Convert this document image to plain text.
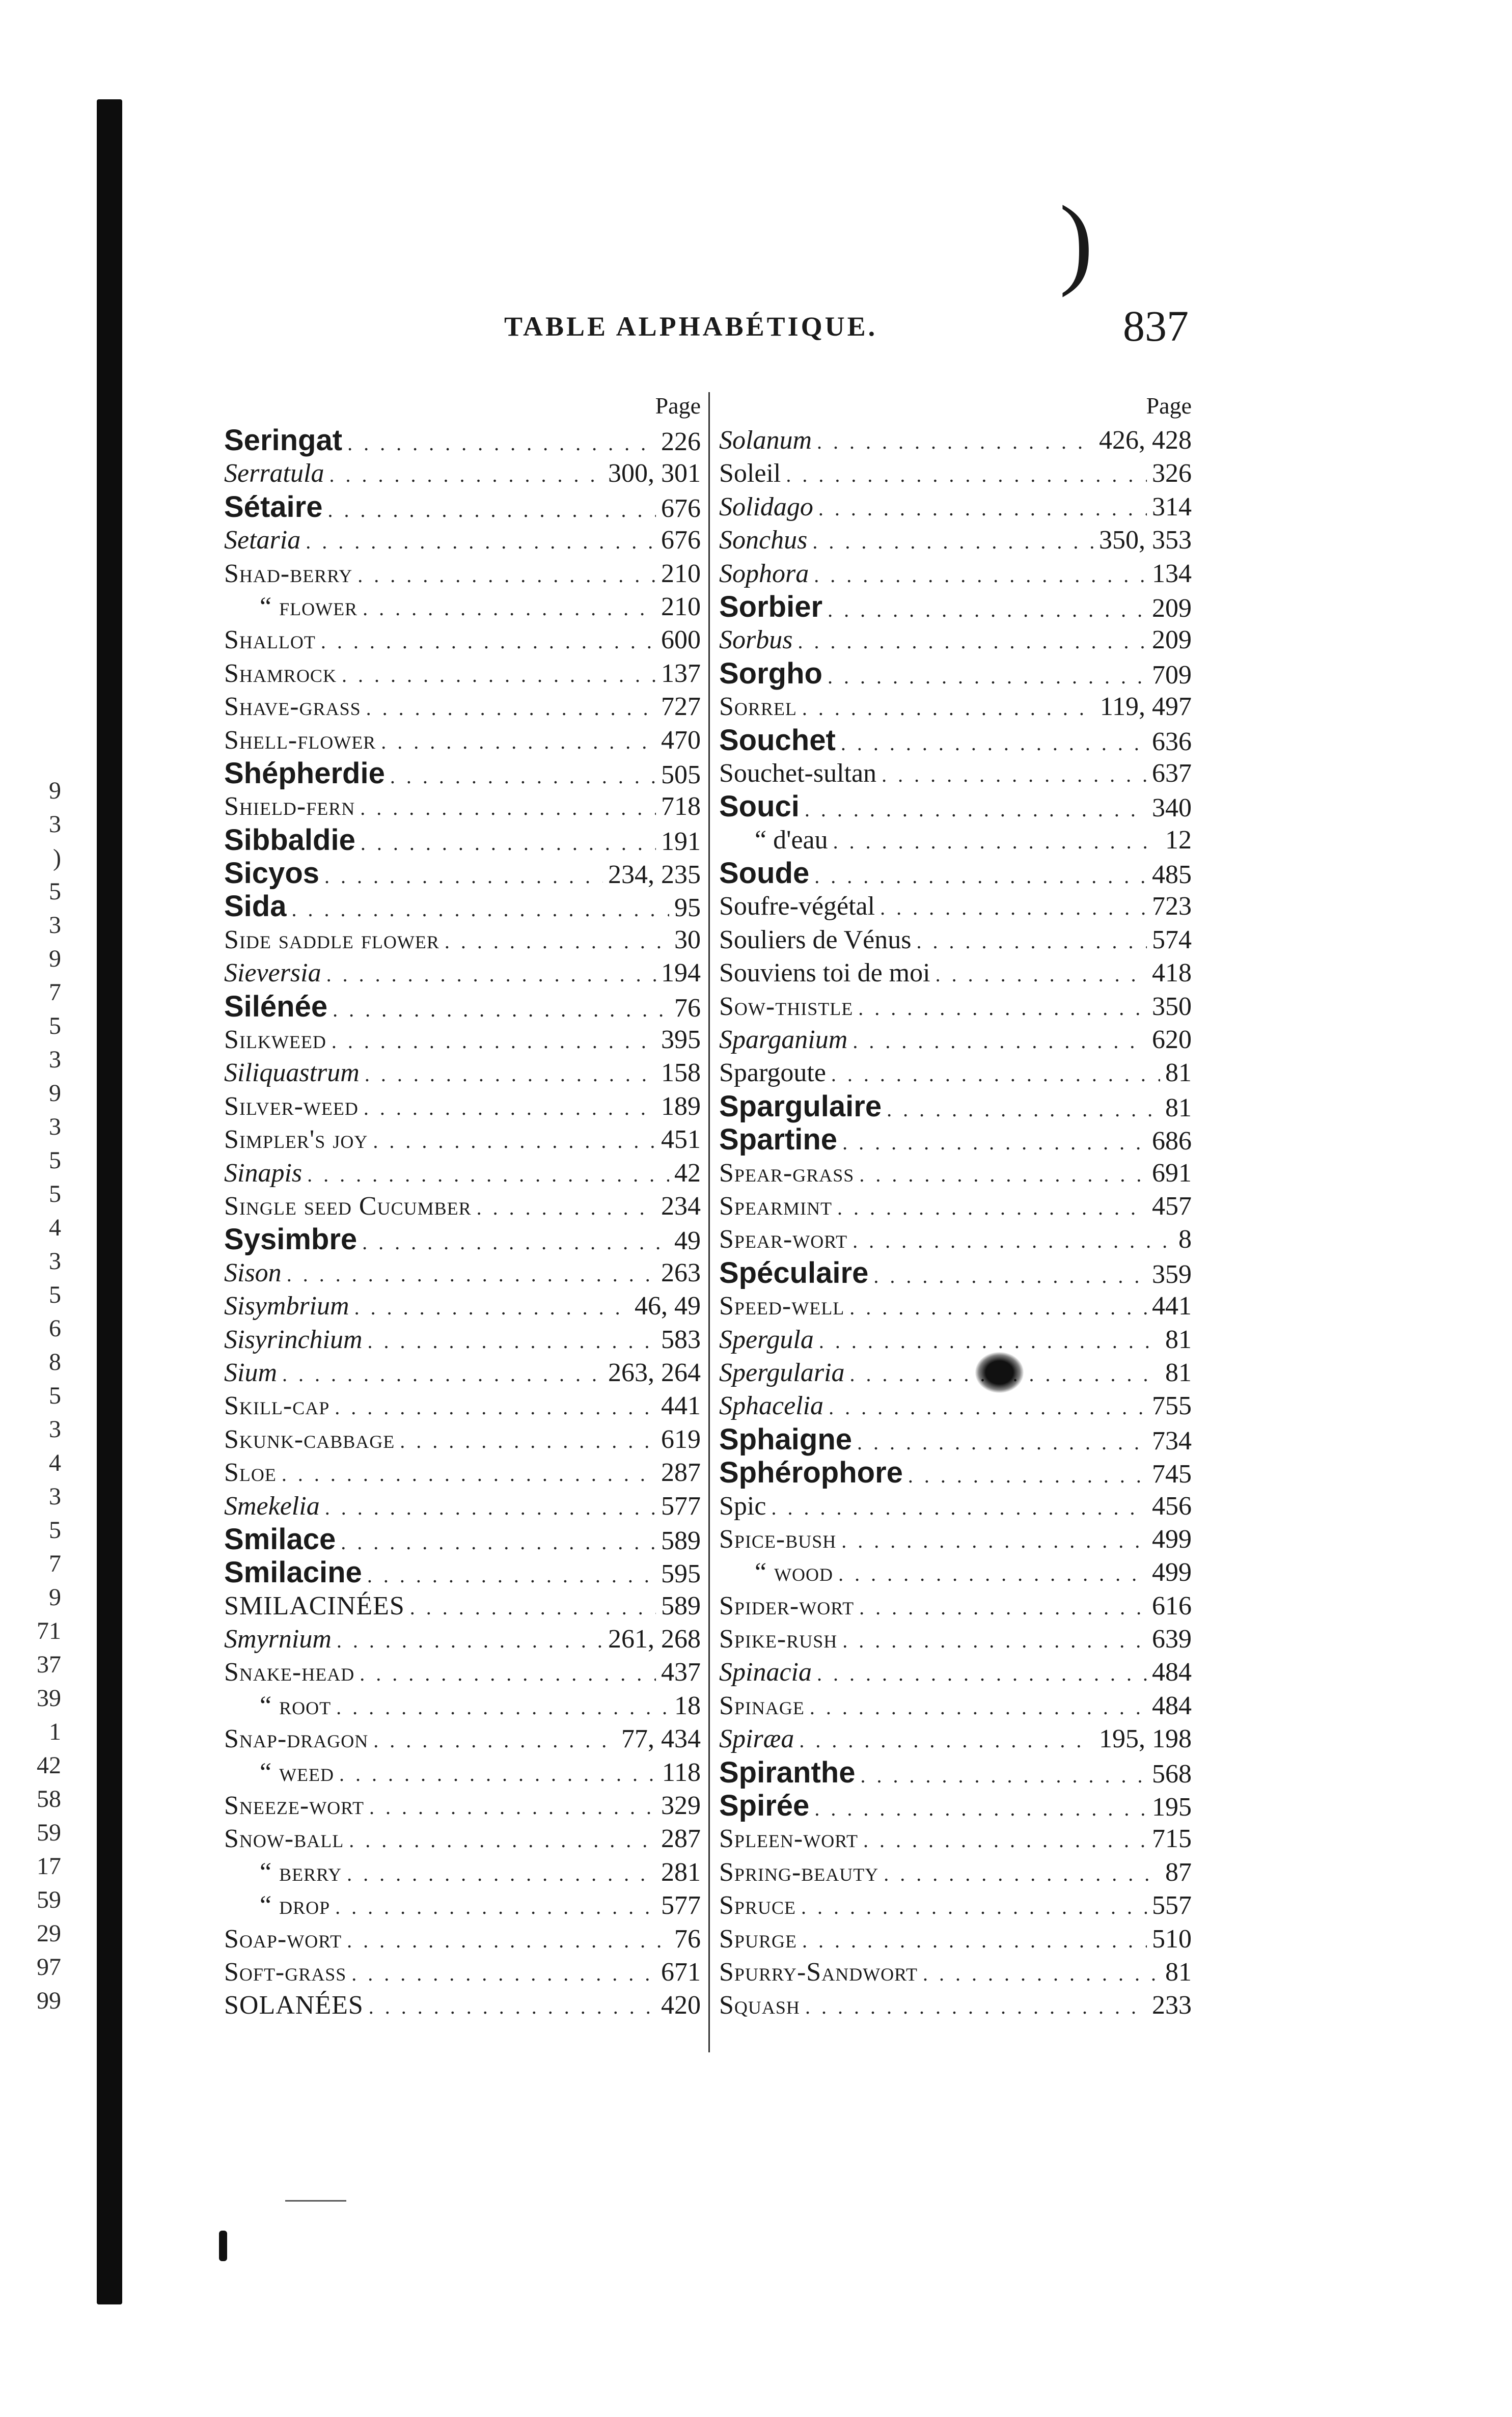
9
3
)
5
3
9
7
5
3
9
3
5
5
4
3
5
6
8
5
3
4
3
5
7
9
71
37
39
1
42
58
59
17
59
29
97
99
)
TABLE ALPHABÉTIQUE.	837
Page
Seringat . . .	226
Serratula . . .	300, 301
Sétaire . . .	676
Setaria . . .	676
Shad-berry . . .	210
“ flower . . .	210
Shallot . . .	600
Shamrock . . .	137
Shave-grass . . .	727
Shell-flower . . .	470
Shépherdie . . .	505
Shield-fern . . .	718
Sibbaldie . . .	191
Sicyos . . .	234, 235
Sida . . .	95
Side saddle flower . . .	30
Sieversia . . .	194
Silénée . . .	76
Silkweed . . .	395
Siliquastrum . . .	158
Silver-weed . . .	189
Simpler's joy . . .	451
Sinapis . . .	42
Single seed Cucumber . . .	234
Sysimbre . . .	49
Sison . . .	263
Sisymbrium . . .	46, 49
Sisyrinchium . . .	583
Sium . . .	263, 264
Skill-cap . . .	441
Skunk-cabbage . . .	619
Sloe . . .	287
Smekelia . . .	577
Smilace . . .	589
Smilacine . . .	595
SMILACINÉES . . .	589
Smyrnium . . .	261, 268
Snake-head . . .	437
“ root . . .	18
Snap-dragon . . .	77, 434
“ weed . . .	118
Sneeze-wort . . .	329
Snow-ball . . .	287
“ berry . . .	281
“ drop . . .	577
Soap-wort . . .	76
Soft-grass . . .	671
SOLANÉES . . .	420
Page
Solanum . . .	426, 428
Soleil . . .	326
Solidago . . .	314
Sonchus . . .	350, 353
Sophora . . .	134
Sorbier . . .	209
Sorbus . . .	209
Sorgho . . .	709
Sorrel . . .	119, 497
Souchet . . .	636
Souchet-sultan . . .	637
Souci . . .	340
“ d'eau . . .	12
Soude . . .	485
Soufre-végétal . . .	723
Souliers de Vénus . . .	574
Souviens toi de moi . . .	418
Sow-thistle . . .	350
Sparganium . . .	620
Spargoute . . .	81
Spargulaire . . .	81
Spartine . . .	686
Spear-grass . . .	691
Spearmint . . .	457
Spear-wort . . .	8
Spéculaire . . .	359
Speed-well . . .	441
Spergula . . .	81
Spergularia . . .	81
Sphacelia . . .	755
Sphaigne . . .	734
Sphérophore . . .	745
Spic . . .	456
Spice-bush . . .	499
“ wood . . .	499
Spider-wort . . .	616
Spike-rush . . .	639
Spinacia . . .	484
Spinage . . .	484
Spiræa . . .	195, 198
Spiranthe . . .	568
Spirée . . .	195
Spleen-wort . . .	715
Spring-beauty . . .	87
Spruce . . .	557
Spurge . . .	510
Spurry-Sandwort . . .	81
Squash . . .	233
